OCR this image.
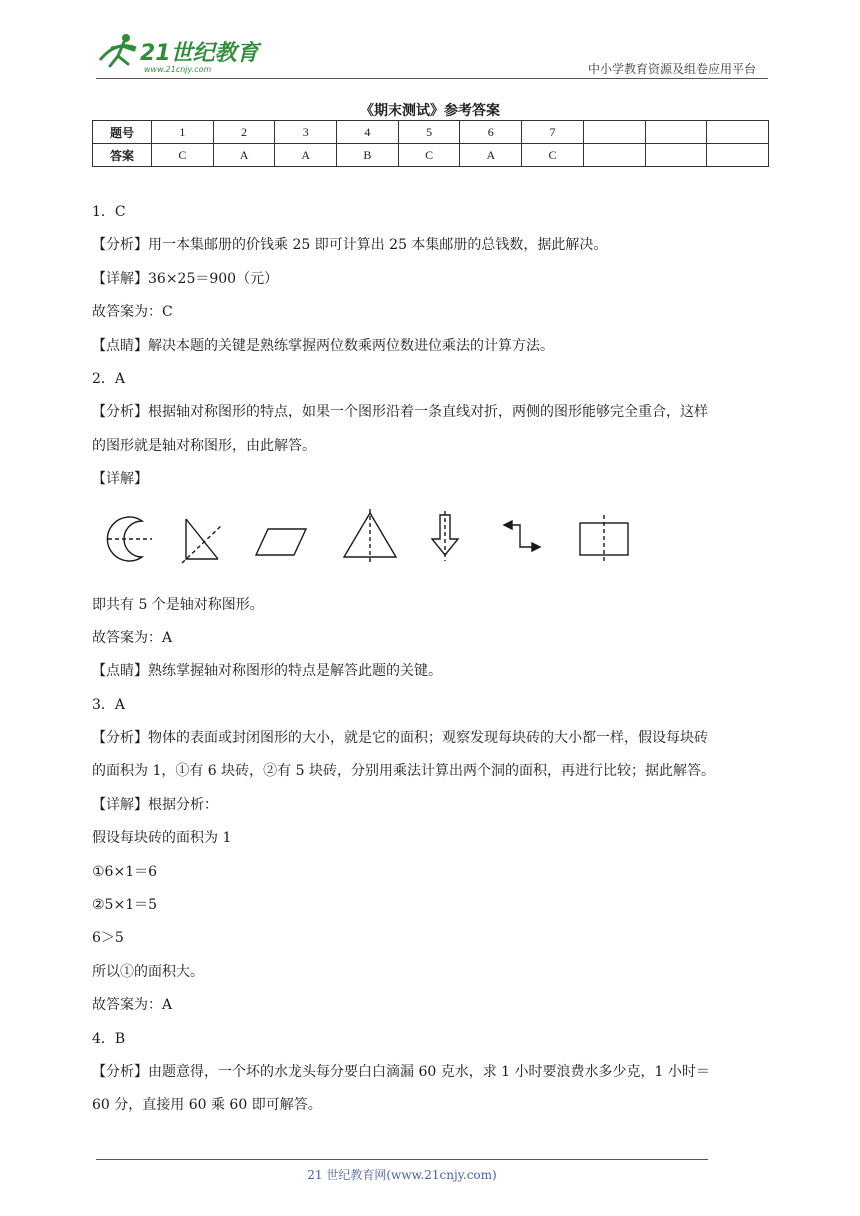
21世纪教育
www.21cnjy.com	中小学教育资源及组卷应用平台
《期末测试》参考答案
题号	1	2	3	4	5	6	7			
答案	C	A	A	B	C	A	C			
1．C
【分析】用一本集邮册的价钱乘 25 即可计算出 25 本集邮册的总钱数，据此解决。
【详解】36×25＝900（元）
故答案为：C
【点睛】解决本题的关键是熟练掌握两位数乘两位数进位乘法的计算方法。
2．A
【分析】根据轴对称图形的特点，如果一个图形沿着一条直线对折，两侧的图形能够完全重合，这样
的图形就是轴对称图形，由此解答。
【详解】
即共有 5 个是轴对称图形。
故答案为：A
【点睛】熟练掌握轴对称图形的特点是解答此题的关键。
3．A
【分析】物体的表面或封闭图形的大小，就是它的面积；观察发现每块砖的大小都一样，假设每块砖
的面积为 1，①有 6 块砖，②有 5 块砖，分别用乘法计算出两个洞的面积，再进行比较；据此解答。
【详解】根据分析：
假设每块砖的面积为 1
①6×1＝6
②5×1＝5
6＞5
所以①的面积大。
故答案为：A
4．B
【分析】由题意得，一个坏的水龙头每分要白白滴漏 60 克水，求 1 小时要浪费水多少克，1 小时＝
60 分，直接用 60 乘 60 即可解答。
21 世纪教育网(www.21cnjy.com)
